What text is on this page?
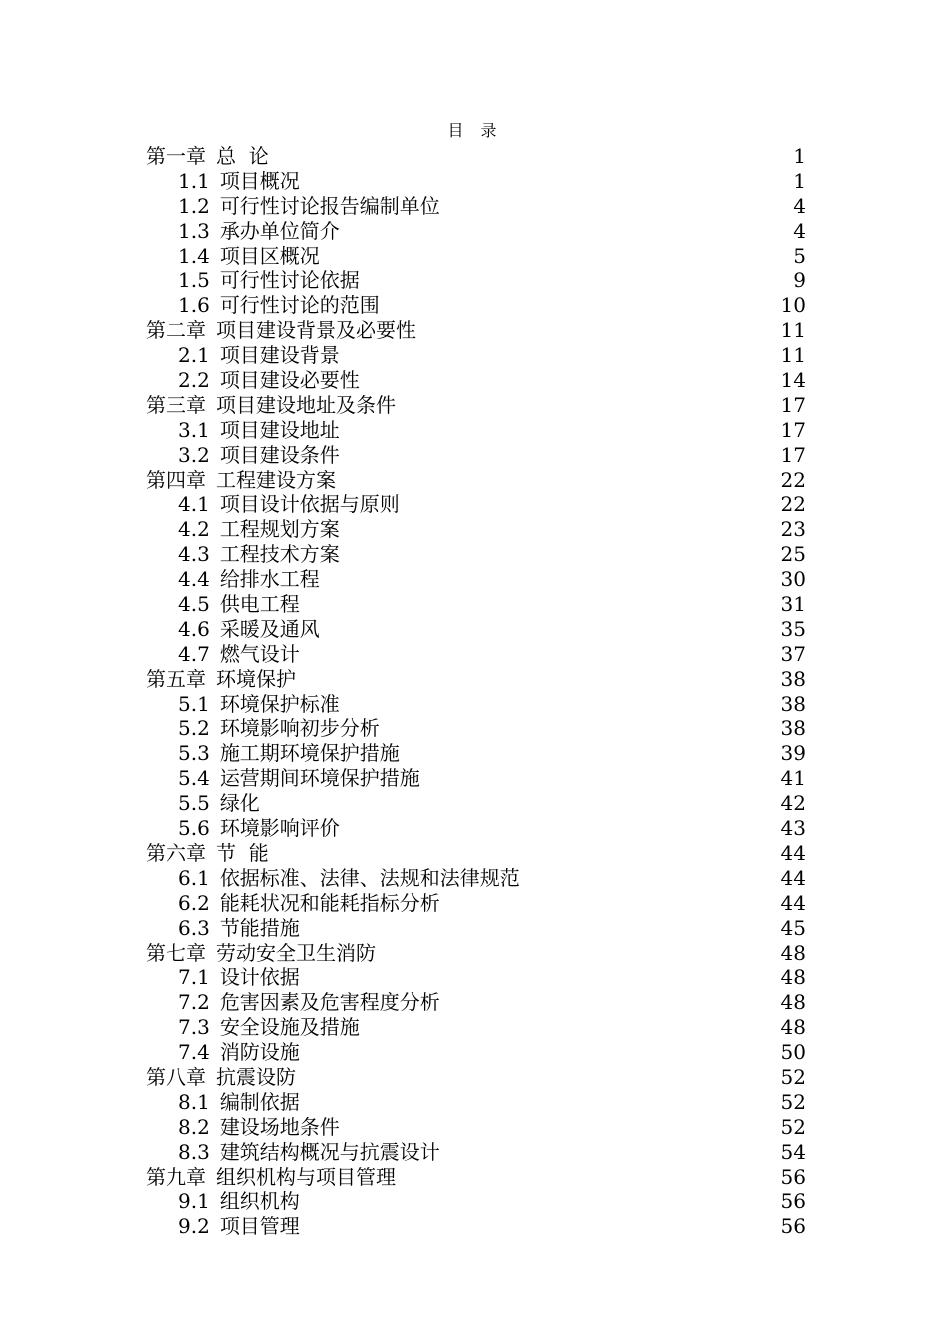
目 录
第一章 总  论	1
1.1 项目概况	1
1.2 可行性讨论报告编制单位	4
1.3 承办单位简介	4
1.4 项目区概况	5
1.5 可行性讨论依据	9
1.6 可行性讨论的范围	10
第二章 项目建设背景及必要性	11
2.1 项目建设背景	11
2.2 项目建设必要性	14
第三章 项目建设地址及条件	17
3.1 项目建设地址	17
3.2 项目建设条件	17
第四章 工程建设方案	22
4.1 项目设计依据与原则	22
4.2 工程规划方案	23
4.3 工程技术方案	25
4.4 给排水工程	30
4.5 供电工程	31
4.6 采暖及通风	35
4.7 燃气设计	37
第五章 环境保护	38
5.1 环境保护标准	38
5.2 环境影响初步分析	38
5.3 施工期环境保护措施	39
5.4 运营期间环境保护措施	41
5.5 绿化	42
5.6 环境影响评价	43
第六章 节  能	44
6.1 依据标准、法律、法规和法律规范	44
6.2 能耗状况和能耗指标分析	44
6.3 节能措施	45
第七章 劳动安全卫生消防	48
7.1 设计依据	48
7.2 危害因素及危害程度分析	48
7.3 安全设施及措施	48
7.4 消防设施	50
第八章 抗震设防	52
8.1 编制依据	52
8.2 建设场地条件	52
8.3 建筑结构概况与抗震设计	54
第九章 组织机构与项目管理	56
9.1 组织机构	56
9.2 项目管理	56
